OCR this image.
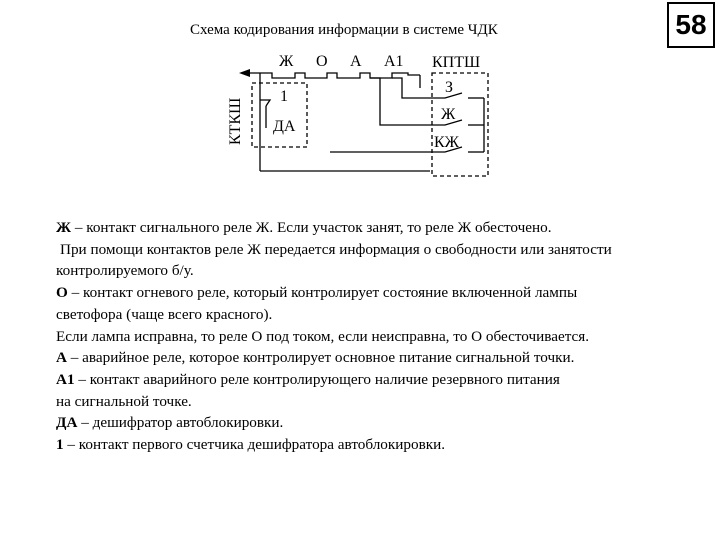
Схема кодирования информации в системе ЧДК	58
Ж О А А1 КПТШ
З
Ж
КЖ
КТКШ
1
ДА

Ж – контакт сигнального реле Ж. Если участок занят, то реле Ж обесточено.

При помощи контактов реле Ж передается информация о свободности или занятости

контролируемого б/у.

О – контакт огневого реле, который контролирует состояние включенной лампы

светофора (чаще всего красного).

Если лампа исправна, то реле О под током, если неисправна, то О обесточивается.

А – аварийное реле, которое контролирует основное питание сигнальной точки.

А1 – контакт аварийного реле контролирующего наличие резервного питания

на сигнальной точке.

ДА – дешифратор автоблокировки.

1 – контакт первого счетчика дешифратора автоблокировки.
